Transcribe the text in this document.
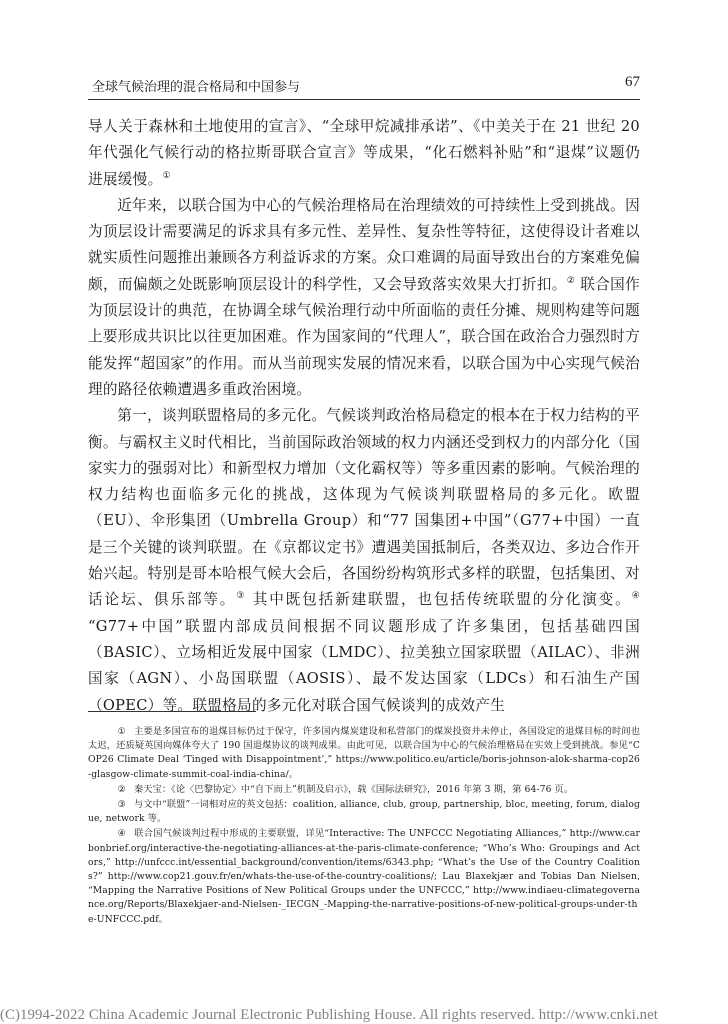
全球气候治理的混合格局和中国参与	67

导人关于森林和土地使用的宣言》、“全球甲烷减排承诺”、《中美关于在 21 世纪 20 年代强化气候行动的格拉斯哥联合宣言》等成果，“化石燃料补贴”和“退煤”议题仍进展缓慢。①

近年来，以联合国为中心的气候治理格局在治理绩效的可持续性上受到挑战。因为顶层设计需要满足的诉求具有多元性、差异性、复杂性等特征，这使得设计者难以就实质性问题推出兼顾各方利益诉求的方案。众口难调的局面导致出台的方案难免偏颇，而偏颇之处既影响顶层设计的科学性，又会导致落实效果大打折扣。② 联合国作为顶层设计的典范，在协调全球气候治理行动中所面临的责任分摊、规则构建等问题上要形成共识比以往更加困难。作为国家间的“代理人”，联合国在政治合力强烈时方能发挥“超国家”的作用。而从当前现实发展的情况来看，以联合国为中心实现气候治理的路径依赖遭遇多重政治困境。

第一，谈判联盟格局的多元化。气候谈判政治格局稳定的根本在于权力结构的平衡。与霸权主义时代相比，当前国际政治领域的权力内涵还受到权力的内部分化（国家实力的强弱对比）和新型权力增加（文化霸权等）等多重因素的影响。气候治理的权力结构也面临多元化的挑战，这体现为气候谈判联盟格局的多元化。欧盟（EU）、伞形集团（Umbrella Group）和“77 国集团+中国”（G77+中国）一直是三个关键的谈判联盟。在《京都议定书》遭遇美国抵制后，各类双边、多边合作开始兴起。特别是哥本哈根气候大会后，各国纷纷构筑形式多样的联盟，包括集团、对话论坛、俱乐部等。③ 其中既包括新建联盟，也包括传统联盟的分化演变。④ “G77+中国”联盟内部成员间根据不同议题形成了许多集团，包括基础四国（BASIC）、立场相近发展中国家（LMDC）、拉美独立国家联盟（AILAC）、非洲国家（AGN）、小岛国联盟（AOSIS）、最不发达国家（LDCs）和石油生产国（OPEC）等。联盟格局的多元化对联合国气候谈判的成效产生

① 主要是多国宣布的退煤目标仍过于保守，许多国内煤炭建设和私营部门的煤炭投资并未停止，各国设定的退煤目标的时间也太迟，还质疑英国向媒体夸大了 190 国退煤协议的谈判成果。由此可见，以联合国为中心的气候治理格局在实效上受到挑战。参见“COP26 Climate Deal ‘Tinged with Disappointment’,” https://www.politico.eu/article/boris-johnson-alok-sharma-cop26-glasgow-climate-summit-coal-india-china/。

② 秦天宝：《论〈巴黎协定〉中“自下而上”机制及启示》，载《国际法研究》，2016 年第 3 期，第 64-76 页。

③ 与文中“联盟”一词相对应的英文包括：coalition, alliance, club, group, partnership, bloc, meeting, forum, dialogue, network 等。

④ 联合国气候谈判过程中形成的主要联盟，详见“Interactive: The UNFCCC Negotiating Alliances,” http://www.carbonbrief.org/interactive-the-negotiating-alliances-at-the-paris-climate-conference; “Who’s Who: Groupings and Actors,” http://unfccc.int/essential_background/convention/items/6343.php; “What’s the Use of the Country Coalitions?” http://www.cop21.gouv.fr/en/whats-the-use-of-the-country-coalitions/; Lau Blaxekjær and Tobias Dan Nielsen, “Mapping the Narrative Positions of New Political Groups under the UNFCCC,” http://www.indiaeu-climategovernance.org/Reports/Blaxekjaer-and-Nielsen-_IECGN_-Mapping-the-narrative-positions-of-new-political-groups-under-the-UNFCCC.pdf。

(C)1994-2022 China Academic Journal Electronic Publishing House. All rights reserved. http://www.cnki.net
